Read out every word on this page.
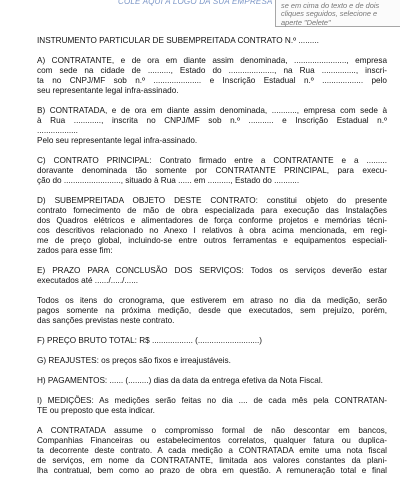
COLE AQUI A LOGO DA SUA EMPRESA se em cima do texto e de dois
cliques seguidos, selecione e
aperte "Delete"
INSTRUMENTO PARTICULAR DE SUBEMPREITADA CONTRATO N.º .........
A) CONTRATANTE, e de ora em diante assim denominada, ......................., empresa
com sede na cidade de .........., Estado do ...................., na Rua ..............., inscri-
ta no CNPJ/MF sob n.º ..................... e Inscrição Estadual n.º .................. pelo
seu representante legal infra-assinado.
B) CONTRATADA, e de ora em diante assim denominada, ..........., empresa com sede à
à Rua ............, inscrita no CNPJ/MF sob n.º ........... e Inscrição Estadual n.º
..................
Pelo seu representante legal infra-assinado.
C) CONTRATO PRINCIPAL: Contrato firmado entre a CONTRATANTE e a .........
doravante denominada tão somente por CONTRATANTE PRINCIPAL, para execu-
ção do ........................., situado à Rua ...... em .........., Estado do ...........
D) SUBEMPREITADA OBJETO DESTE CONTRATO: constitui objeto do presente
contrato fornecimento de mão de obra especializada para execução das Instalações
dos Quadros elétricos e alimentadores de força conforme projetos e memórias técni-
cos descritivos relacionado no Anexo I relativos à obra acima mencionada, em regi-
me de preço global, incluindo-se entre outros ferramentas e equipamentos especiali-
zados para esse fim:
E) PRAZO PARA CONCLUSÃO DOS SERVIÇOS: Todos os serviços deverão estar
executados até ....../...../......
Todos os itens do cronograma, que estiverem em atraso no dia da medição, serão
pagos somente na próxima medição, desde que executados, sem prejuízo, porém,
das sanções previstas neste contrato.
F) PREÇO BRUTO TOTAL: R$ .................. (...........................)
G) REAJUSTES: os preços são fixos e irreajustáveis.
H) PAGAMENTOS: ...... (.........) dias da data da entrega efetiva da Nota Fiscal.
I) MEDIÇÕES: As medições serão feitas no dia .... de cada mês pela CONTRATAN-
TE ou preposto que esta indicar.
A CONTRATADA assume o compromisso formal de não descontar em bancos,
Companhias Financeiras ou estabelecimentos correlatos, qualquer fatura ou duplica-
ta decorrente deste contrato. A cada medição a CONTRATADA emite uma nota fiscal
de serviços, em nome da CONTRATANTE, limitada aos valores constantes da plani-
lha contratual, bem como ao prazo de obra em questão. A remuneração total e final
